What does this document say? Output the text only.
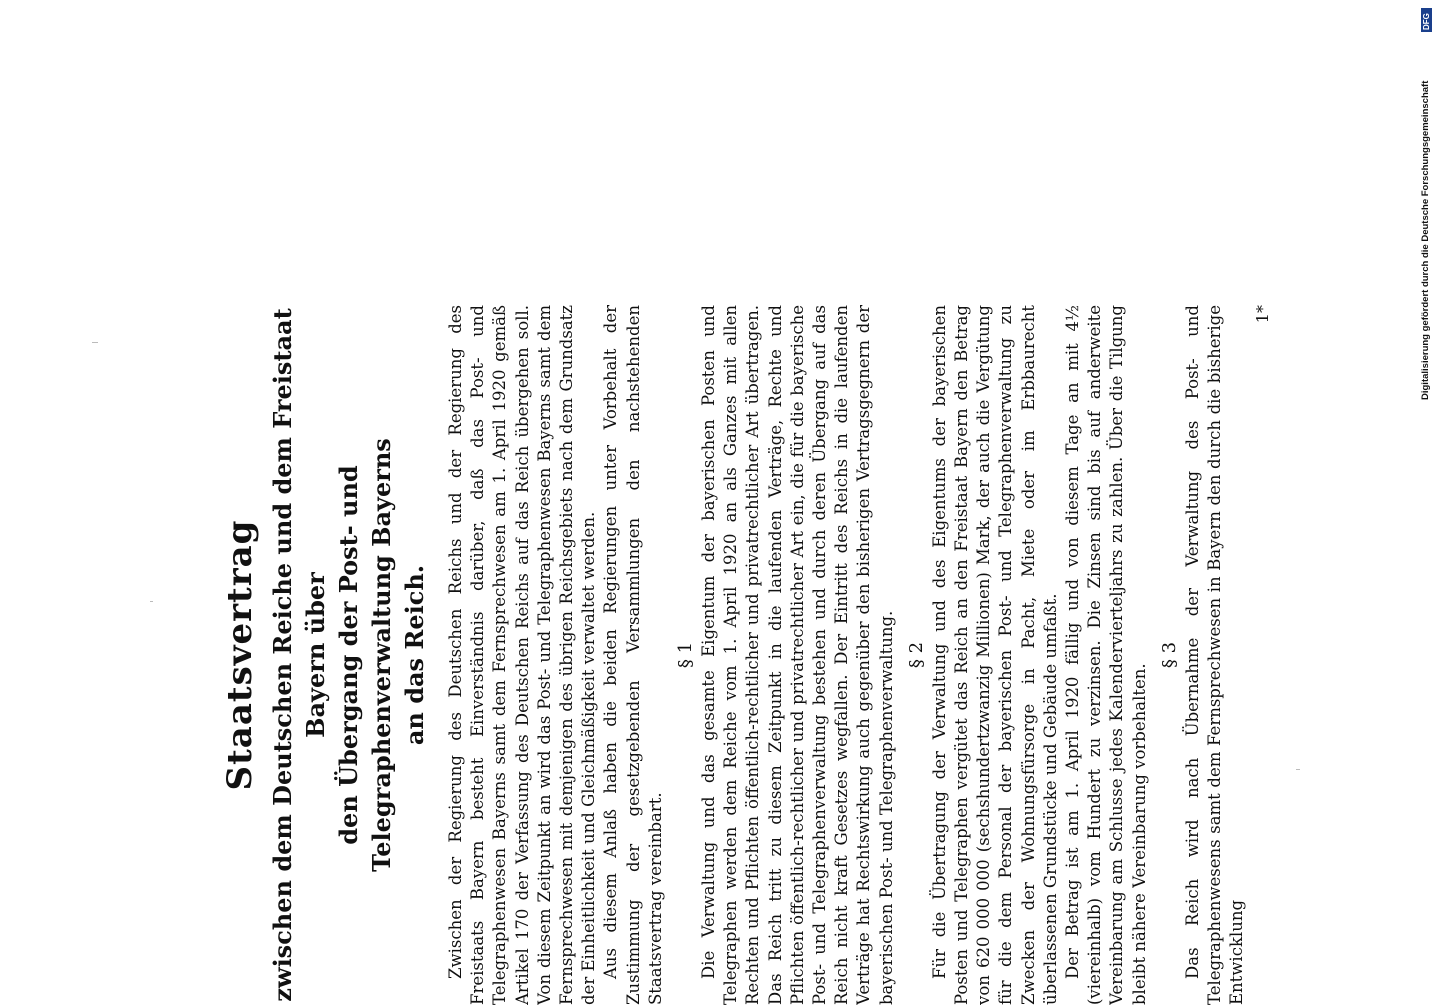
Staatsvertrag zwischen dem Deutschen Reiche und dem Freistaat Bayern über den Übergang der Post- und Telegraphenverwaltung Bayerns an das Reich. Zwischen der Regierung des Deutschen Reichs und der Regierung des Freistaats Bayern besteht Einverständnis darüber, daß das Post- und Telegraphenwesen Bayerns samt dem Fernsprechwesen am 1. April 1920 gemäß Artikel 170 der Verfassung des Deutschen Reichs auf das Reich übergehen soll. Von diesem Zeitpunkt an wird das Post- und Telegraphenwesen Bayerns samt dem Fernsprechwesen mit demjenigen des übrigen Reichsgebiets nach dem Grundsatz der Einheitlichkeit und Gleichmäßigkeit verwaltet werden. Aus diesem Anlaß haben die beiden Regierungen unter Vorbehalt der Zustimmung der gesetzgebenden Versammlungen den nachstehenden Staatsvertrag vereinbart.

§ 1 Die Verwaltung und das gesamte Eigentum der bayerischen Posten und Telegraphen werden dem Reiche vom 1. April 1920 an als Ganzes mit allen Rechten und Pflichten öffentlich-rechtlicher und privatrechtlicher Art übertragen. Das Reich tritt zu diesem Zeitpunkt in die laufenden Verträge, Rechte und Pflichten öffentlich-rechtlicher und privatrechtlicher Art ein, die für die bayerische Post- und Telegraphenverwaltung bestehen und durch deren Übergang auf das Reich nicht kraft Gesetzes wegfallen. Der Eintritt des Reichs in die laufenden Verträge hat Rechtswirkung auch gegenüber den bisherigen Vertragsgegnern der bayerischen Post- und Telegraphenverwaltung. § 2 Für die Übertragung der Verwaltung und des Eigentums der bayerischen Posten und Telegraphen vergütet das Reich an den Freistaat Bayern den Betrag von 620 000 000 (sechshundertzwanzig Millionen) Mark, der auch die Vergütung für die dem Personal der bayerischen Post- und Telegraphenverwaltung zu Zwecken der Wohnungsfürsorge in Pacht, Miete oder im Erbbaurecht überlassenen Grundstücke und Gebäude umfaßt. Der Betrag ist am 1. April 1920 fällig und von diesem Tage an mit 4½ (viereinhalb) vom Hundert zu verzinsen. Die Zinsen sind bis auf anderweite Vereinbarung am Schlusse jedes Kalendervierteljahrs zu zahlen. Über die Tilgung bleibt nähere Vereinbarung vorbehalten.

§ 3 Das Reich wird nach Übernahme der Verwaltung des Post- und Telegraphenwesens samt dem Fernsprechwesen in Bayern den durch die bisherige Entwicklung

1*
DFG
Digitalisierung gefördert durch die Deutsche Forschungsgemeinschaft
